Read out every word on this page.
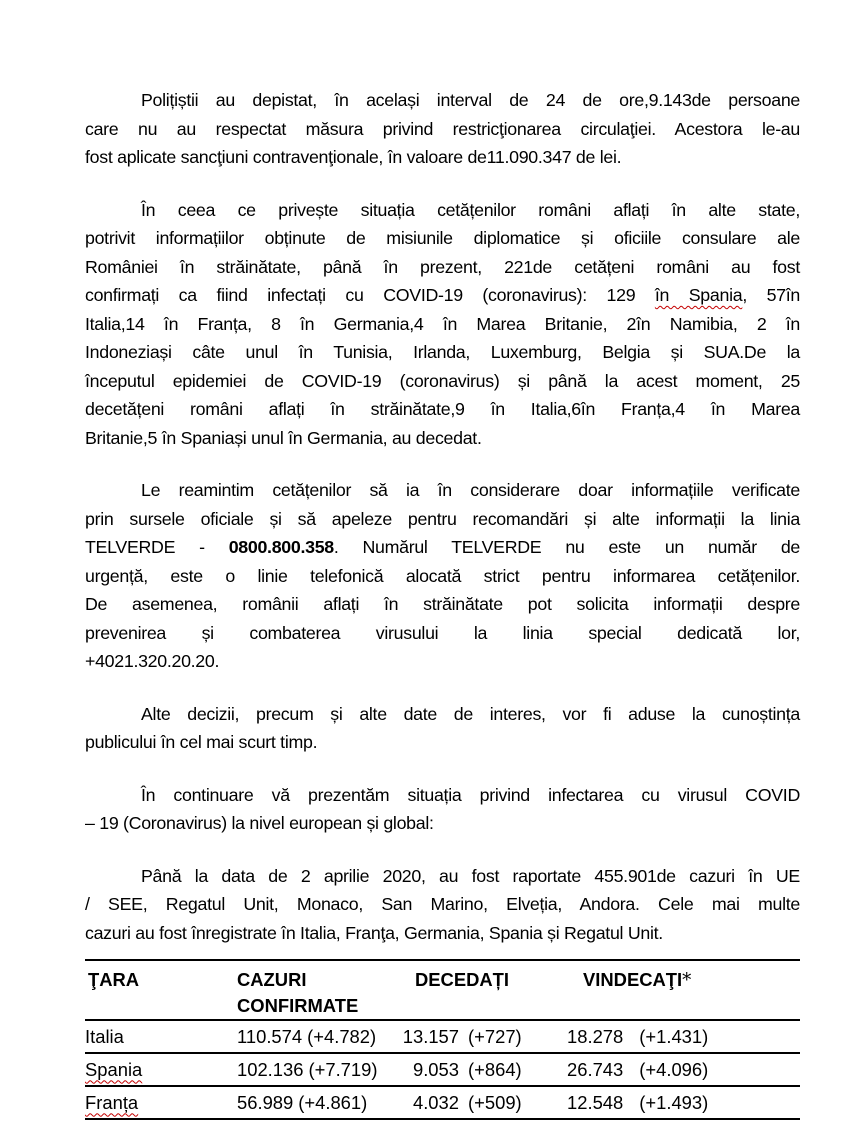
Polițiștii au depistat, în același interval de 24 de ore,9.143de persoane
care nu au respectat măsura privind restricţionarea circulaţiei. Acestora le-au
fost aplicate sancţiuni contravenţionale, în valoare de11.090.347 de lei.
În ceea ce privește situația cetățenilor români aflați în alte state,
potrivit informațiilor obținute de misiunile diplomatice și oficiile consulare ale
României în străinătate, până în prezent, 221de cetățeni români au fost
confirmați ca fiind infectați cu COVID-19 (coronavirus): 129 în Spania, 57în
Italia,14 în Franța, 8 în Germania,4 în Marea Britanie, 2în Namibia, 2 în
Indoneziași câte unul în Tunisia, Irlanda, Luxemburg, Belgia și SUA.De la
începutul epidemiei de COVID-19 (coronavirus) și până la acest moment, 25
decetățeni români aflați în străinătate,9 în Italia,6în Franța,4 în Marea
Britanie,5 în Spaniași unul în Germania, au decedat.
Le reamintim cetățenilor să ia în considerare doar informațiile verificate
prin sursele oficiale și să apeleze pentru recomandări și alte informații la linia
TELVERDE - 0800.800.358. Numărul TELVERDE nu este un număr de
urgență, este o linie telefonică alocată strict pentru informarea cetățenilor.
De asemenea, românii aflați în străinătate pot solicita informații despre
prevenirea și combaterea virusului la linia special dedicată lor,
+4021.320.20.20.
Alte decizii, precum și alte date de interes, vor fi aduse la cunoștința
publicului în cel mai scurt timp.
În continuare vă prezentăm situația privind infectarea cu virusul COVID
– 19 (Coronavirus) la nivel european și global:
Până la data de 2 aprilie 2020, au fost raportate 455.901de cazuri în UE
/ SEE, Regatul Unit, Monaco, San Marino, Elveția, Andora. Cele mai multe
cazuri au fost înregistrate în Italia, Franţa, Germania, Spania și Regatul Unit.
ŢARA	CAZURI CONFIRMATE	DECEDAȚI	VINDECAŢI*
Italia	110.574 (+4.782)	13.157 (+727)	18.278 (+1.431)
Spania	102.136 (+7.719)	9.053 (+864)	26.743 (+4.096)
Franța	56.989 (+4.861)	4.032 (+509)	12.548 (+1.493)
